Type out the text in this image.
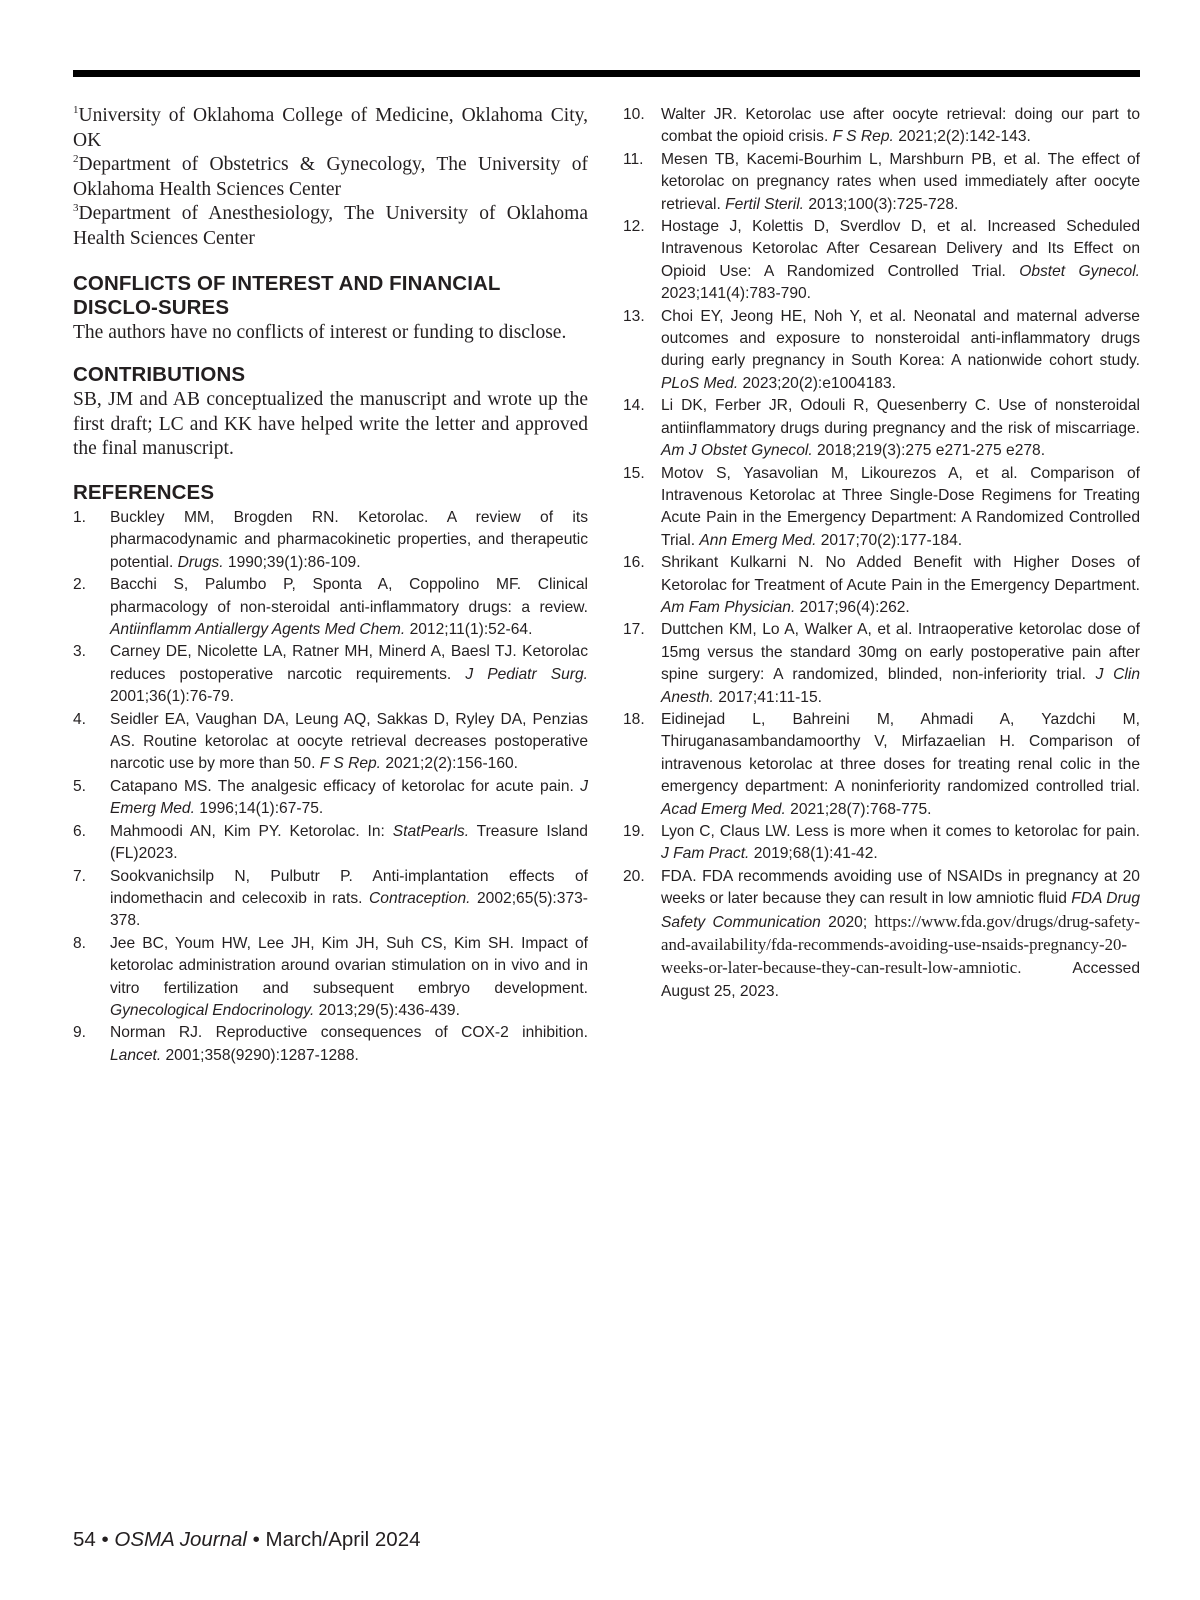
$^1$University of Oklahoma College of Medicine, Oklahoma City, OK
$^2$Department of Obstetrics & Gynecology, The University of Oklahoma Health Sciences Center
$^3$Department of Anesthesiology, The University of Oklahoma Health Sciences Center
CONFLICTS OF INTEREST AND FINANCIAL DISCLO-SURES

The authors have no conflicts of interest or funding to disclose.

CONTRIBUTIONS

SB, JM and AB conceptualized the manuscript and wrote up the first draft; LC and KK have helped write the letter and approved the final manuscript.

REFERENCES
1. Buckley MM, Brogden RN. Ketorolac. A review of its pharmacodynamic and pharmacokinetic properties, and therapeutic potential. Drugs. 1990;39(1):86-109.
2. Bacchi S, Palumbo P, Sponta A, Coppolino MF. Clinical pharmacology of non-steroidal anti-inflammatory drugs: a review. Antiinflamm Antiallergy Agents Med Chem. 2012;11(1):52-64.
3. Carney DE, Nicolette LA, Ratner MH, Minerd A, Baesl TJ. Ketorolac reduces postoperative narcotic requirements. J Pediatr Surg. 2001;36(1):76-79.
4. Seidler EA, Vaughan DA, Leung AQ, Sakkas D, Ryley DA, Penzias AS. Routine ketorolac at oocyte retrieval decreases postoperative narcotic use by more than 50. F S Rep. 2021;2(2):156-160.
5. Catapano MS. The analgesic efficacy of ketorolac for acute pain. J Emerg Med. 1996;14(1):67-75.
6. Mahmoodi AN, Kim PY. Ketorolac. In: StatPearls. Treasure Island (FL)2023.
7. Sookvanichsilp N, Pulbutr P. Anti-implantation effects of indomethacin and celecoxib in rats. Contraception. 2002;65(5):373-378.
8. Jee BC, Youm HW, Lee JH, Kim JH, Suh CS, Kim SH. Impact of ketorolac administration around ovarian stimulation on in vivo and in vitro fertilization and subsequent embryo development. Gynecological Endocrinology. 2013;29(5):436-439.
9. Norman RJ. Reproductive consequences of COX-2 inhibition. Lancet. 2001;358(9290):1287-1288.
10. Walter JR. Ketorolac use after oocyte retrieval: doing our part to combat the opioid crisis. F S Rep. 2021;2(2):142-143.
11. Mesen TB, Kacemi-Bourhim L, Marshburn PB, et al. The effect of ketorolac on pregnancy rates when used immediately after oocyte retrieval. Fertil Steril. 2013;100(3):725-728.
12. Hostage J, Kolettis D, Sverdlov D, et al. Increased Scheduled Intravenous Ketorolac After Cesarean Delivery and Its Effect on Opioid Use: A Randomized Controlled Trial. Obstet Gynecol. 2023;141(4):783-790.
13. Choi EY, Jeong HE, Noh Y, et al. Neonatal and maternal adverse outcomes and exposure to nonsteroidal anti-inflammatory drugs during early pregnancy in South Korea: A nationwide cohort study. PLoS Med. 2023;20(2):e1004183.
14. Li DK, Ferber JR, Odouli R, Quesenberry C. Use of nonsteroidal antiinflammatory drugs during pregnancy and the risk of miscarriage. Am J Obstet Gynecol. 2018;219(3):275 e271-275 e278.
15. Motov S, Yasavolian M, Likourezos A, et al. Comparison of Intravenous Ketorolac at Three Single-Dose Regimens for Treating Acute Pain in the Emergency Department: A Randomized Controlled Trial. Ann Emerg Med. 2017;70(2):177-184.
16. Shrikant Kulkarni N. No Added Benefit with Higher Doses of Ketorolac for Treatment of Acute Pain in the Emergency Department. Am Fam Physician. 2017;96(4):262.
17. Duttchen KM, Lo A, Walker A, et al. Intraoperative ketorolac dose of 15mg versus the standard 30mg on early postoperative pain after spine surgery: A randomized, blinded, non-inferiority trial. J Clin Anesth. 2017;41:11-15.
18. Eidinejad L, Bahreini M, Ahmadi A, Yazdchi M, Thiruganasambandamoorthy V, Mirfazaelian H. Comparison of intravenous ketorolac at three doses for treating renal colic in the emergency department: A noninferiority randomized controlled trial. Acad Emerg Med. 2021;28(7):768-775.
19. Lyon C, Claus LW. Less is more when it comes to ketorolac for pain. J Fam Pract. 2019;68(1):41-42.
20. FDA. FDA recommends avoiding use of NSAIDs in pregnancy at 20 weeks or later because they can result in low amniotic fluid FDA Drug Safety Communication 2020; https://www.fda.gov/drugs/drug-safety-and-availability/fda-recommends-avoiding-use-nsaids-pregnancy-20-weeks-or-later-because-they-can-result-low-amniotic. Accessed August 25, 2023.
54 • OSMA Journal • March/April 2024
